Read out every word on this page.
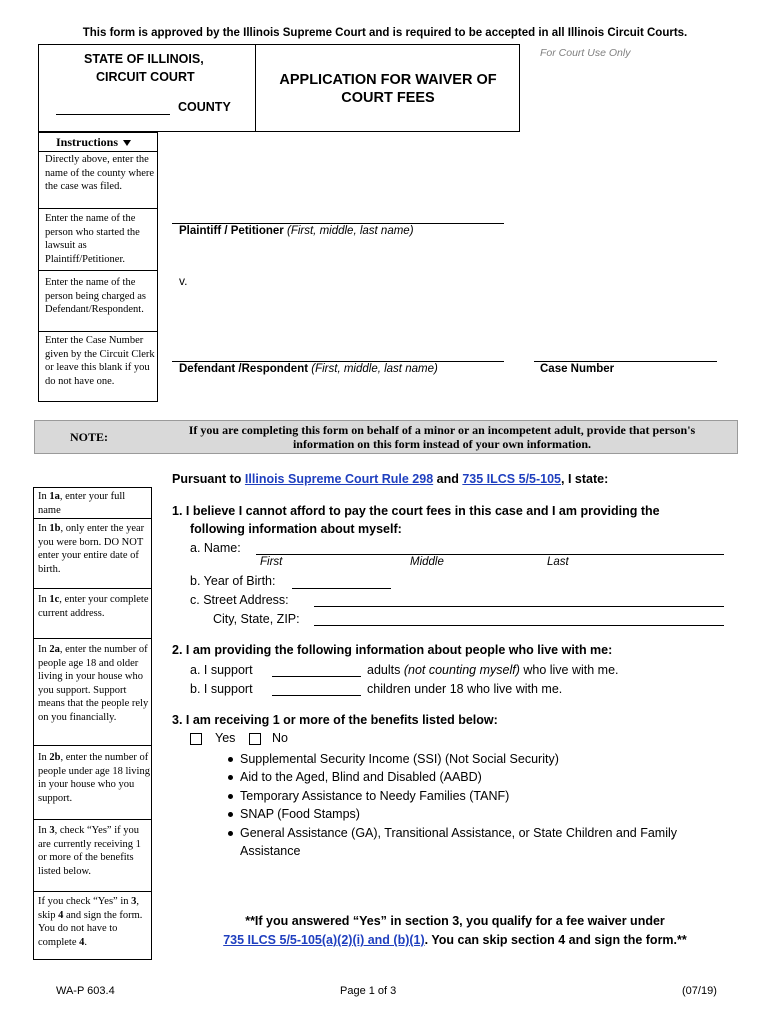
This form is approved by the Illinois Supreme Court and is required to be accepted in all Illinois Circuit Courts.
STATE OF ILLINOIS,
CIRCUIT COURT
COUNTY
APPLICATION FOR WAIVER OF
COURT FEES
For Court Use Only
Instructions
Directly above, enter the name of the county where the case was filed.
Enter the name of the person who started the lawsuit as Plaintiff/Petitioner.
Enter the name of the person being charged as Defendant/Respondent.
Enter the Case Number given by the Circuit Clerk or leave this blank if you do not have one.
Plaintiff / Petitioner (First, middle, last name)
v.
Defendant /Respondent (First, middle, last name)	Case Number
NOTE:	If you are completing this form on behalf of a minor or an incompetent adult, provide that person's information on this form instead of your own information.
Pursuant to Illinois Supreme Court Rule 298 and 735 ILCS 5/5-105, I state:
In 1a, enter your full name
In 1b, only enter the year you were born. DO NOT enter your entire date of birth.
In 1c, enter your complete current address.
In 2a, enter the number of people age 18 and older living in your house who you support. Support means that the people rely on you financially.
In 2b, enter the number of people under age 18 living in your house who you support.
In 3, check “Yes” if you are currently receiving 1 or more of the benefits listed below.
If you check “Yes” in 3, skip 4 and sign the form. You do not have to complete 4.
1. I believe I cannot afford to pay the court fees in this case and I am providing the
following information about myself:
a. Name:
First	Middle	Last
b. Year of Birth:
c. Street Address:
City, State, ZIP:
2. I am providing the following information about people who live with me:
a. I support	adults (not counting myself) who live with me.
b. I support	children under 18 who live with me.
3. I am receiving 1 or more of the benefits listed below:
Yes	No
Supplemental Security Income (SSI) (Not Social Security)
Aid to the Aged, Blind and Disabled (AABD)
Temporary Assistance to Needy Families (TANF)
SNAP (Food Stamps)
General Assistance (GA), Transitional Assistance, or State Children and Family
Assistance
**If you answered “Yes” in section 3, you qualify for a fee waiver under
735 ILCS 5/5-105(a)(2)(i) and (b)(1). You can skip section 4 and sign the form.**
WA-P 603.4	Page 1 of 3	(07/19)
